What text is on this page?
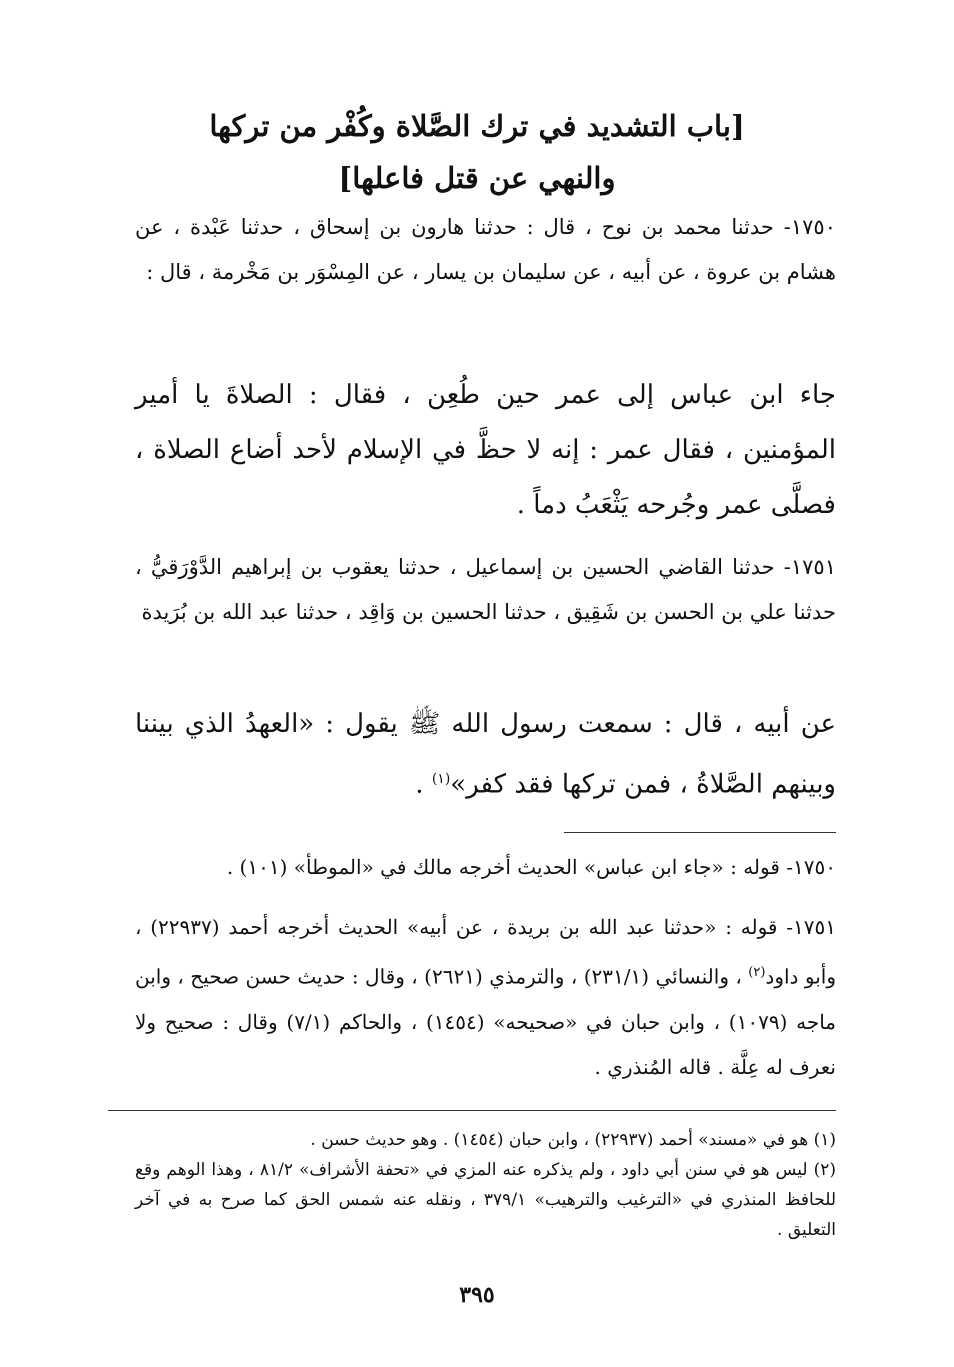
[باب التشديد في ترك الصَّلاة وكُفْر من تركها
والنهي عن قتل فاعلها]
١٧٥٠- حدثنا محمد بن نوح ، قال : حدثنا هارون بن إسحاق ، حدثنا عَبْدة ، عن هشام بن عروة ، عن أبيه ، عن سليمان بن يسار ، عن المِسْوَر بن مَخْرمة ، قال :
جاء ابن عباس إلى عمر حين طُعِن ، فقال : الصلاةَ يا أمير المؤمنين ، فقال عمر : إنه لا حظَّ في الإسلام لأحد أضاع الصلاة ، فصلَّى عمر وجُرحه يَثْعَبُ دماً .
١٧٥١- حدثنا القاضي الحسين بن إسماعيل ، حدثنا يعقوب بن إبراهيم الدَّوْرَقيُّ ، حدثنا علي بن الحسن بن شَقِيق ، حدثنا الحسين بن وَاقِد ، حدثنا عبد الله بن بُرَيدة
عن أبيه ، قال : سمعت رسول الله ﷺ يقول : «العهدُ الذي بيننا وبينهم الصَّلاةُ ، فمن تركها فقد كفر»$^{(١)}$ .
١٧٥٠- قوله : «جاء ابن عباس» الحديث أخرجه مالك في «الموطأ» (١٠١) .
١٧٥١- قوله : «حدثنا عبد الله بن بريدة ، عن أبيه» الحديث أخرجه أحمد (٢٢٩٣٧) ، وأبو داود$^{(٢)}$ ، والنسائي (٢٣١/١) ، والترمذي (٢٦٢١) ، وقال : حديث حسن صحيح ، وابن ماجه (١٠٧٩) ، وابن حبان في «صحيحه» (١٤٥٤) ، والحاكم (٧/١) وقال : صحيح ولا نعرف له عِلَّة . قاله المُنذري .

(١) هو في «مسند» أحمد (٢٢٩٣٧) ، وابن حبان (١٤٥٤) . وهو حديث حسن .

(٢) ليس هو في سنن أبي داود ، ولم يذكره عنه المزي في «تحفة الأشراف» ٨١/٢ ، وهذا الوهم وقع للحافظ المنذري في «الترغيب والترهيب» ٣٧٩/١ ، ونقله عنه شمس الحق كما صرح به في آخر التعليق .

٣٩٥
